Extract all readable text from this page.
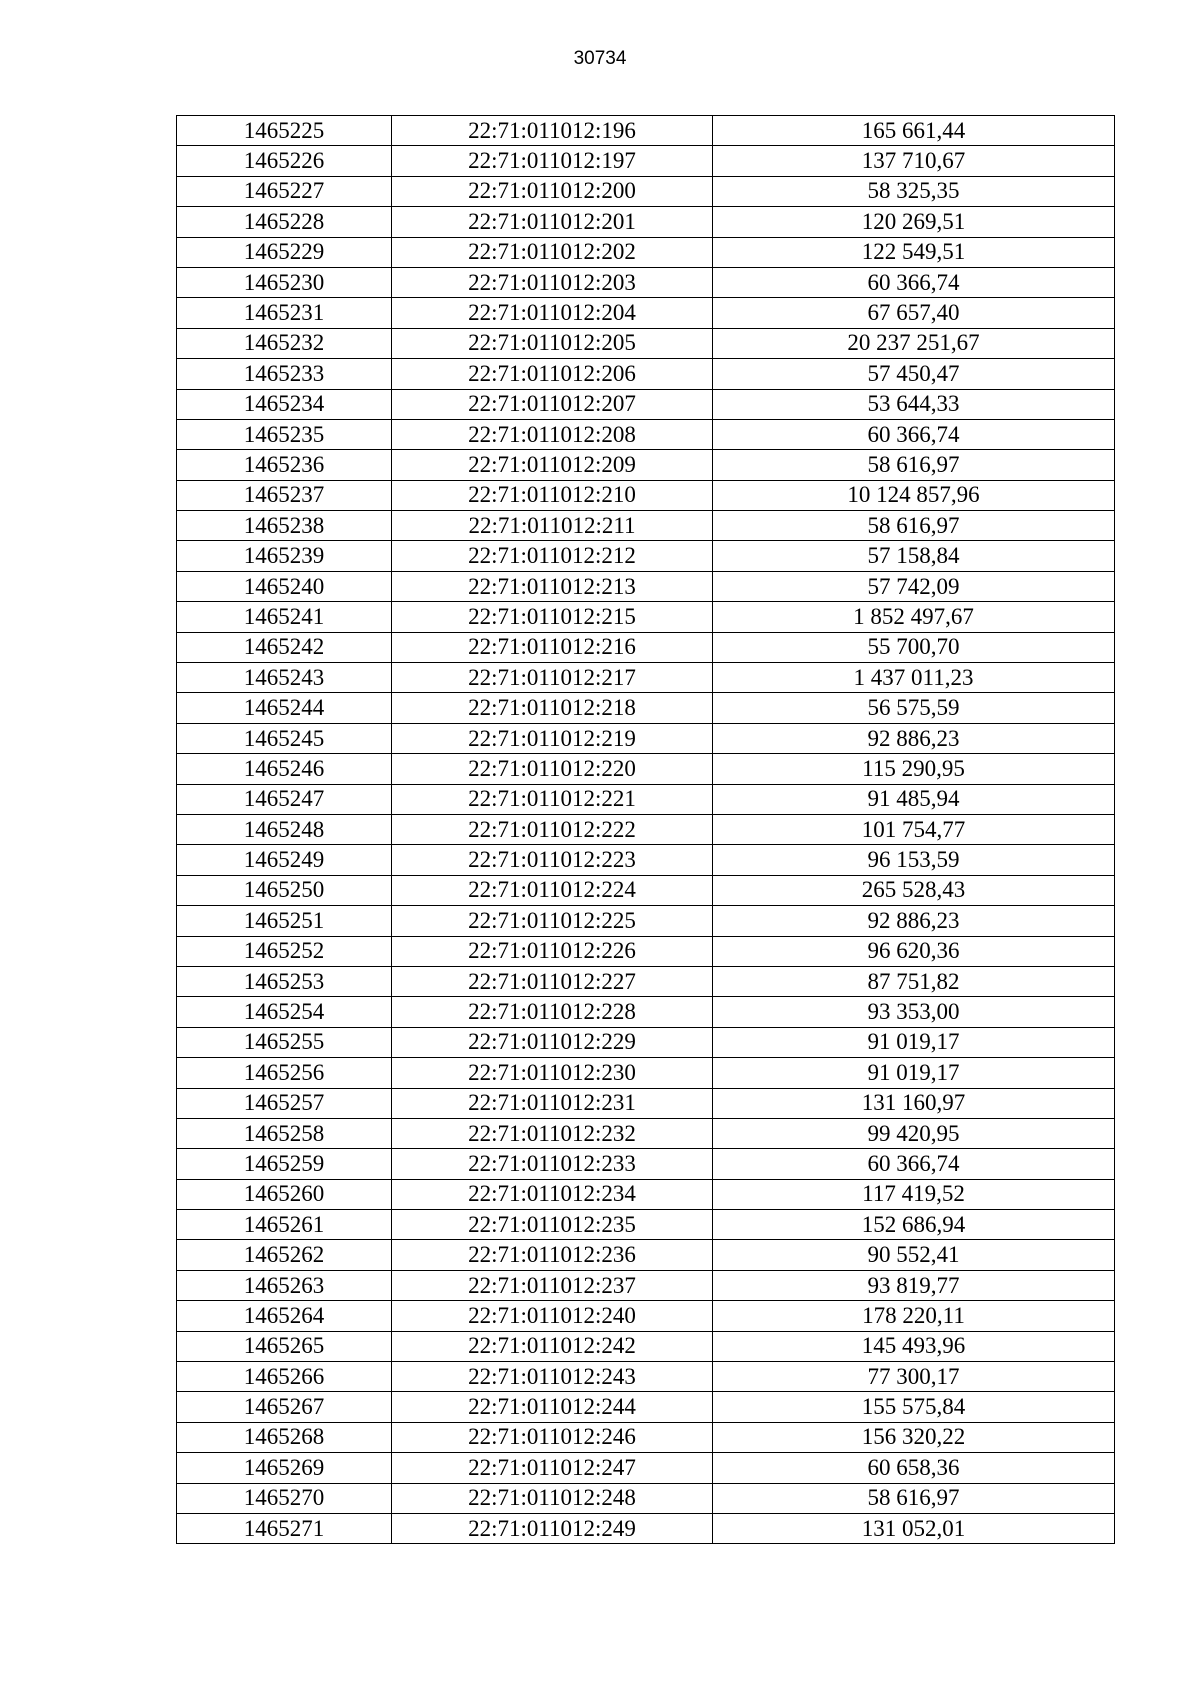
30734
1465225	22:71:011012:196	165 661,44
1465226	22:71:011012:197	137 710,67
1465227	22:71:011012:200	58 325,35
1465228	22:71:011012:201	120 269,51
1465229	22:71:011012:202	122 549,51
1465230	22:71:011012:203	60 366,74
1465231	22:71:011012:204	67 657,40
1465232	22:71:011012:205	20 237 251,67
1465233	22:71:011012:206	57 450,47
1465234	22:71:011012:207	53 644,33
1465235	22:71:011012:208	60 366,74
1465236	22:71:011012:209	58 616,97
1465237	22:71:011012:210	10 124 857,96
1465238	22:71:011012:211	58 616,97
1465239	22:71:011012:212	57 158,84
1465240	22:71:011012:213	57 742,09
1465241	22:71:011012:215	1 852 497,67
1465242	22:71:011012:216	55 700,70
1465243	22:71:011012:217	1 437 011,23
1465244	22:71:011012:218	56 575,59
1465245	22:71:011012:219	92 886,23
1465246	22:71:011012:220	115 290,95
1465247	22:71:011012:221	91 485,94
1465248	22:71:011012:222	101 754,77
1465249	22:71:011012:223	96 153,59
1465250	22:71:011012:224	265 528,43
1465251	22:71:011012:225	92 886,23
1465252	22:71:011012:226	96 620,36
1465253	22:71:011012:227	87 751,82
1465254	22:71:011012:228	93 353,00
1465255	22:71:011012:229	91 019,17
1465256	22:71:011012:230	91 019,17
1465257	22:71:011012:231	131 160,97
1465258	22:71:011012:232	99 420,95
1465259	22:71:011012:233	60 366,74
1465260	22:71:011012:234	117 419,52
1465261	22:71:011012:235	152 686,94
1465262	22:71:011012:236	90 552,41
1465263	22:71:011012:237	93 819,77
1465264	22:71:011012:240	178 220,11
1465265	22:71:011012:242	145 493,96
1465266	22:71:011012:243	77 300,17
1465267	22:71:011012:244	155 575,84
1465268	22:71:011012:246	156 320,22
1465269	22:71:011012:247	60 658,36
1465270	22:71:011012:248	58 616,97
1465271	22:71:011012:249	131 052,01
